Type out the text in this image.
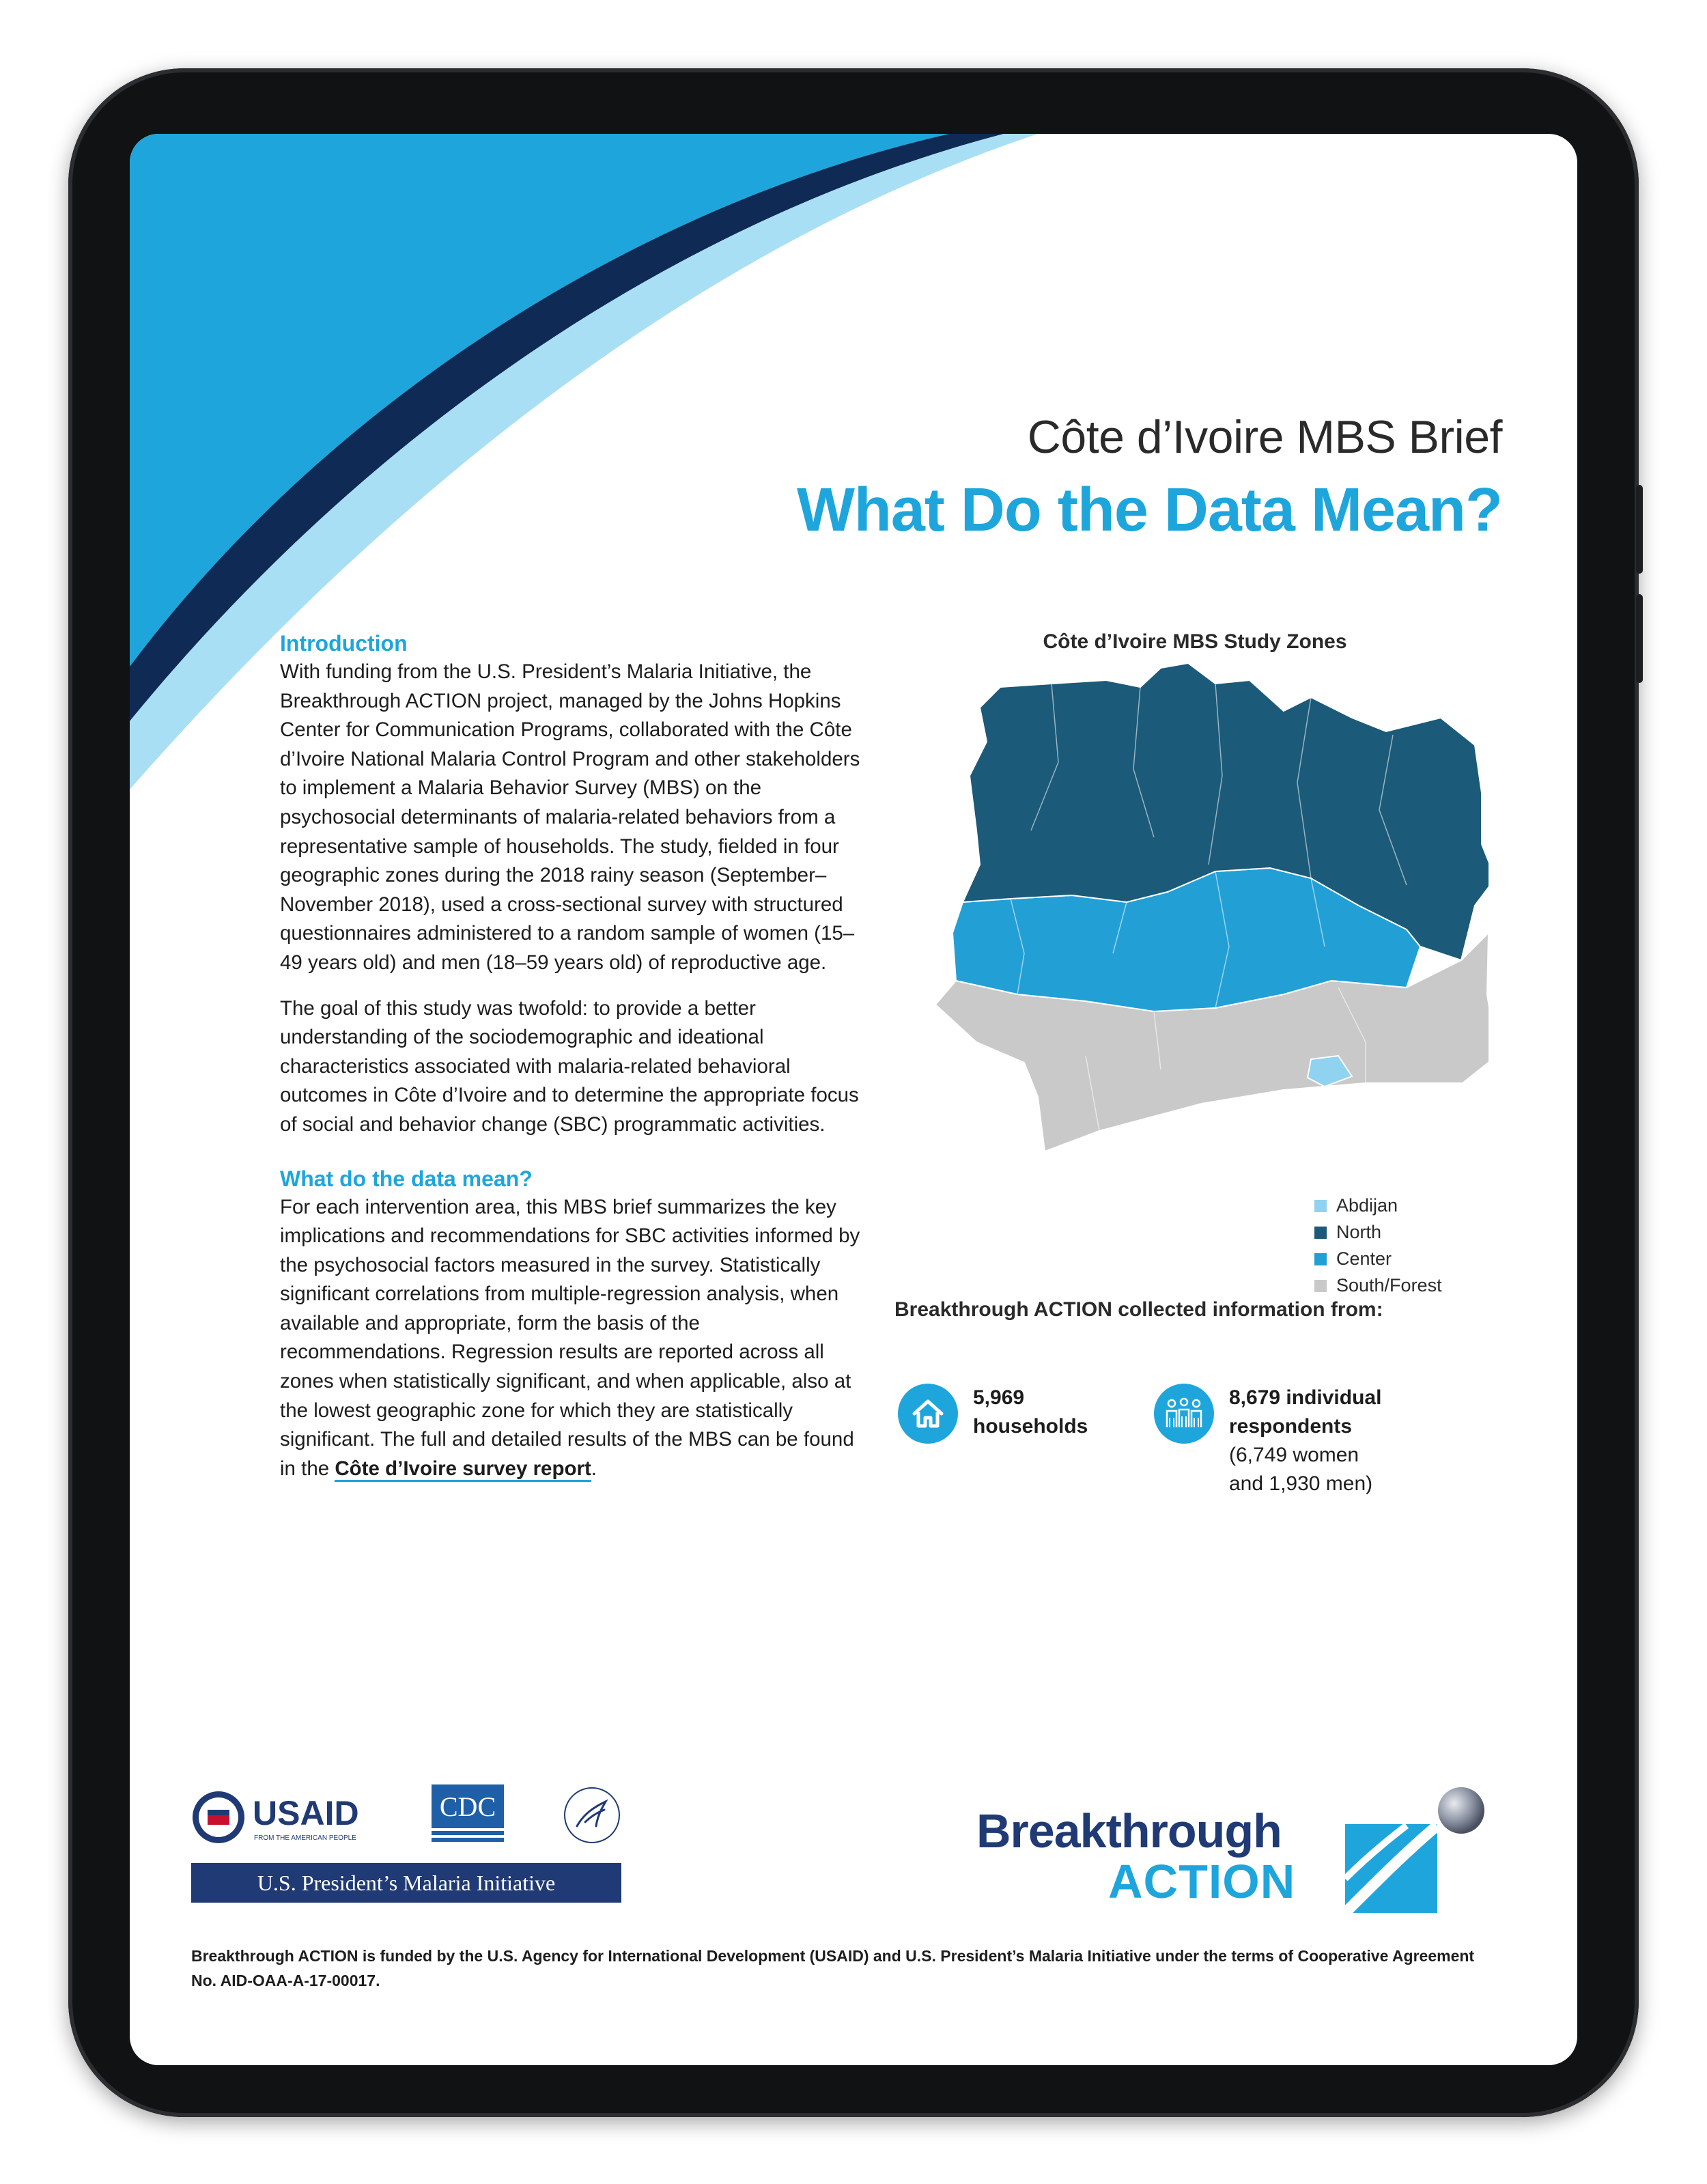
Côte d’Ivoire MBS Brief
What Do the Data Mean?

Introduction

With funding from the U.S. President’s Malaria Initiative, the Breakthrough ACTION project, managed by the Johns Hopkins Center for Communication Programs, collaborated with the Côte d’Ivoire National Malaria Control Program and other stakeholders to implement a Malaria Behavior Survey (MBS) on the psychosocial determinants of malaria-related behaviors from a representative sample of households. The study, fielded in four geographic zones during the 2018 rainy season (September–November 2018), used a cross-sectional survey with structured questionnaires administered to a random sample of women (15–49 years old) and men (18–59 years old) of reproductive age.

The goal of this study was twofold: to provide a better understanding of the sociodemographic and ideational characteristics associated with malaria-related behavioral outcomes in Côte d’Ivoire and to determine the appropriate focus of social and behavior change (SBC) programmatic activities.

What do the data mean?

For each intervention area, this MBS brief summarizes the key implications and recommendations for SBC activities informed by the psychosocial factors measured in the survey. Statistically significant correlations from multiple-regression analysis, when available and appropriate, form the basis of the recommendations. Regression results are reported across all zones when statistically significant, and when applicable, also at the lowest geographic zone for which they are statistically significant. The full and detailed results of the MBS can be found in the Côte d’Ivoire survey report.

Côte d’Ivoire MBS Study Zones
Abdijan
North
Center
South/Forest
Breakthrough ACTION collected information from:
5,969
households
8,679 individual
respondents
(6,749 women
and 1,930 men)
USAID
FROM THE AMERICAN PEOPLE
CDC
U.S. President’s Malaria Initiative
Breakthrough
ACTION
Breakthrough ACTION is funded by the U.S. Agency for International Development (USAID) and U.S. President’s Malaria Initiative under the terms of Cooperative Agreement No. AID-OAA-A-17-00017.
